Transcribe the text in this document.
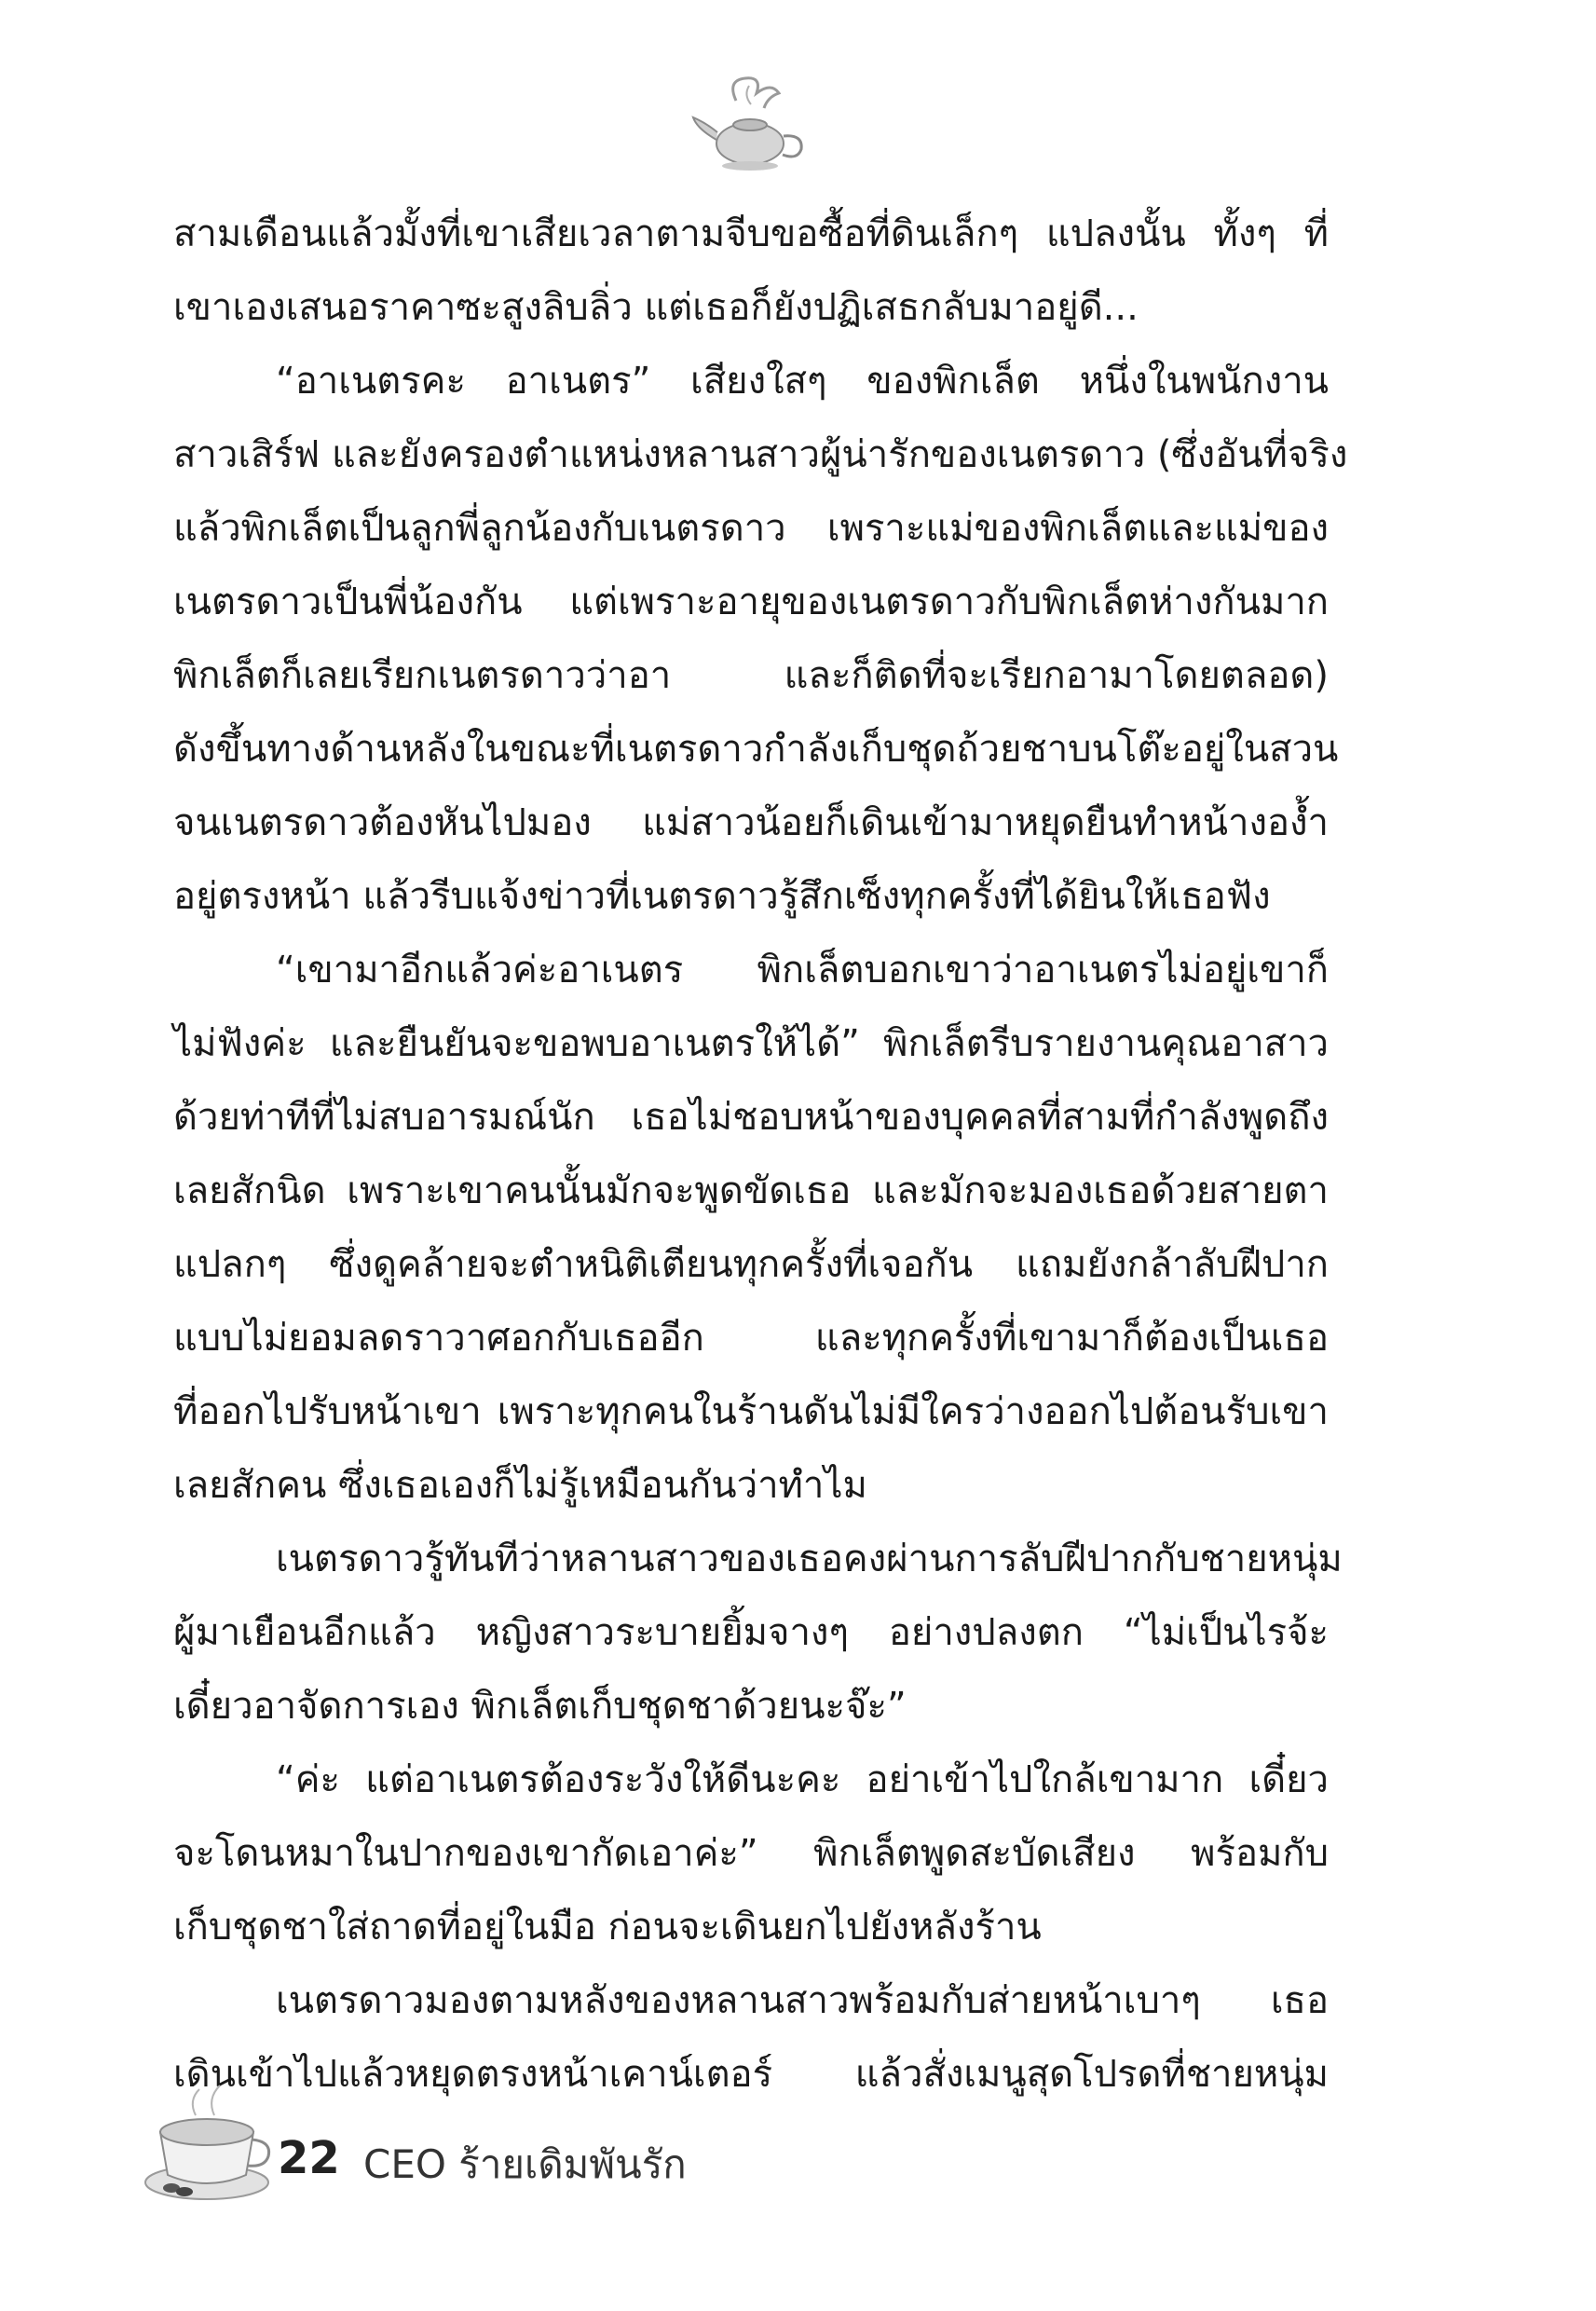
สามเดือนแล้วมั้งที่เขาเสียเวลาตามจีบขอซื้อที่ดินเล็กๆ แปลงนั้น ทั้งๆ ที่
เขาเองเสนอราคาซะสูงลิบลิ่ว แต่เธอก็ยังปฏิเสธกลับมาอยู่ดี...
“อาเนตรคะ อาเนตร” เสียงใสๆ ของพิกเล็ต หนึ่งในพนักงาน
สาวเสิร์ฟ และยังครองตำแหน่งหลานสาวผู้น่ารักของเนตรดาว (ซึ่งอันที่จริง
แล้วพิกเล็ตเป็นลูกพี่ลูกน้องกับเนตรดาว เพราะแม่ของพิกเล็ตและแม่ของ
เนตรดาวเป็นพี่น้องกัน แต่เพราะอายุของเนตรดาวกับพิกเล็ตห่างกันมาก
พิกเล็ตก็เลยเรียกเนตรดาวว่าอา และก็ติดที่จะเรียกอามาโดยตลอด)
ดังขึ้นทางด้านหลังในขณะที่เนตรดาวกำลังเก็บชุดถ้วยชาบนโต๊ะอยู่ในสวน
จนเนตรดาวต้องหันไปมอง แม่สาวน้อยก็เดินเข้ามาหยุดยืนทำหน้างอง้ำ
อยู่ตรงหน้า แล้วรีบแจ้งข่าวที่เนตรดาวรู้สึกเซ็งทุกครั้งที่ได้ยินให้เธอฟัง
“เขามาอีกแล้วค่ะอาเนตร พิกเล็ตบอกเขาว่าอาเนตรไม่อยู่เขาก็
ไม่ฟังค่ะ และยืนยันจะขอพบอาเนตรให้ได้” พิกเล็ตรีบรายงานคุณอาสาว
ด้วยท่าทีที่ไม่สบอารมณ์นัก เธอไม่ชอบหน้าของบุคคลที่สามที่กำลังพูดถึง
เลยสักนิด เพราะเขาคนนั้นมักจะพูดขัดเธอ และมักจะมองเธอด้วยสายตา
แปลกๆ ซึ่งดูคล้ายจะตำหนิติเตียนทุกครั้งที่เจอกัน แถมยังกล้าลับฝีปาก
แบบไม่ยอมลดราวาศอกกับเธออีก และทุกครั้งที่เขามาก็ต้องเป็นเธอ
ที่ออกไปรับหน้าเขา เพราะทุกคนในร้านดันไม่มีใครว่างออกไปต้อนรับเขา
เลยสักคน ซึ่งเธอเองก็ไม่รู้เหมือนกันว่าทำไม
เนตรดาวรู้ทันทีว่าหลานสาวของเธอคงผ่านการลับฝีปากกับชายหนุ่ม
ผู้มาเยือนอีกแล้ว หญิงสาวระบายยิ้มจางๆ อย่างปลงตก “ไม่เป็นไรจ้ะ
เดี๋ยวอาจัดการเอง พิกเล็ตเก็บชุดชาด้วยนะจ๊ะ”
“ค่ะ แต่อาเนตรต้องระวังให้ดีนะคะ อย่าเข้าไปใกล้เขามาก เดี๋ยว
จะโดนหมาในปากของเขากัดเอาค่ะ” พิกเล็ตพูดสะบัดเสียง พร้อมกับ
เก็บชุดชาใส่ถาดที่อยู่ในมือ ก่อนจะเดินยกไปยังหลังร้าน
เนตรดาวมองตามหลังของหลานสาวพร้อมกับส่ายหน้าเบาๆ เธอ
เดินเข้าไปแล้วหยุดตรงหน้าเคาน์เตอร์ แล้วสั่งเมนูสุดโปรดที่ชายหนุ่ม
22 CEO ร้ายเดิมพันรัก
